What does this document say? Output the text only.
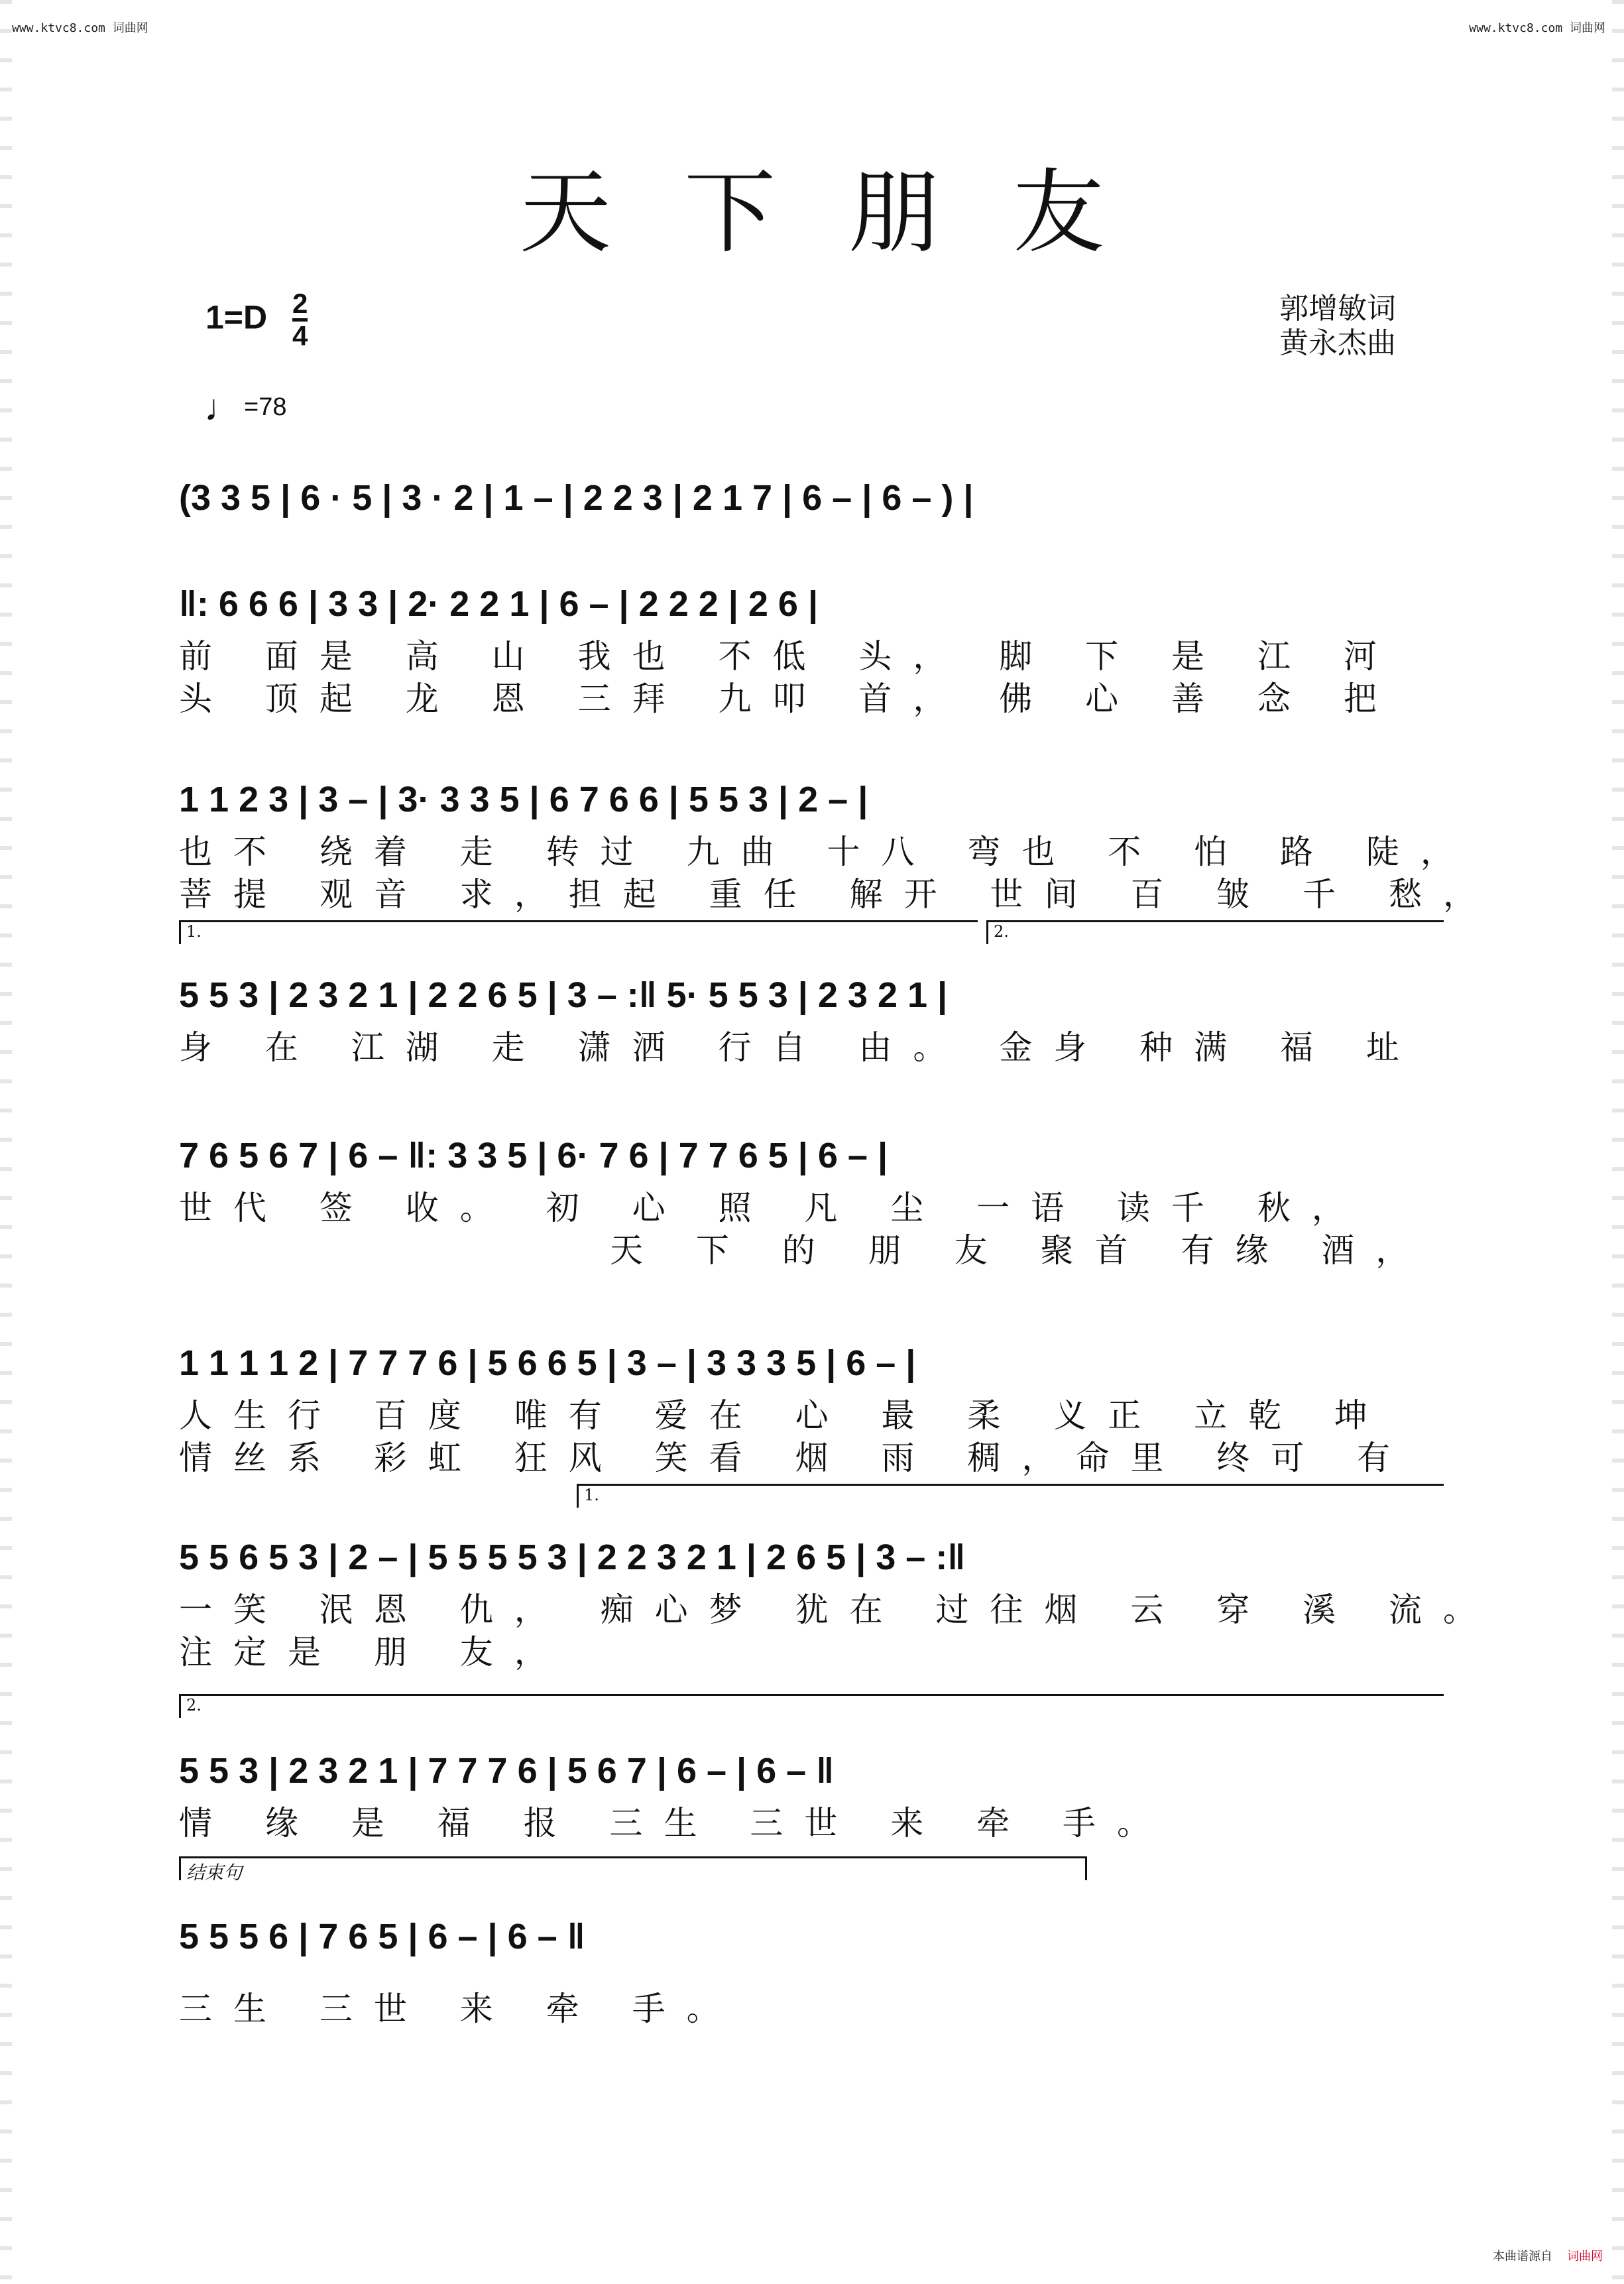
www.ktvc8.com 词曲网	www.ktvc8.com 词曲网
天下朋友
1=D 2
4
郭增敏词
黄永杰曲
♩ =78
(3 3 5 | 6 · 5 | 3 · 2 | 1 – | 2 2 3 | 2 1 7 | 6 – | 6 – ) |
‖: 6 6 6 | 3 3 | 2· 2 2 1 | 6 – | 2 2 2 | 2 6 |
前 面是 高 山 我也 不低 头， 脚 下 是 江 河
头 顶起 龙 恩 三拜 九叩 首， 佛 心 善 念 把
1 1 2 3 | 3 – | 3· 3 3 5 | 6 7 6 6 | 5 5 3 | 2 – |
也不 绕着 走 转过 九曲 十八 弯也 不 怕 路 陡，
菩提 观音 求，担起 重任 解开 世间 百 皱 千 愁，
1.	2.
5 5 3 | 2 3 2 1 | 2 2 6 5 | 3 – :‖ 5· 5 5 3 | 2 3 2 1 |
身 在 江湖 走 潇洒 行自 由。 金身 种满 福 址
7 6 5 6 7 | 6 – ‖: 3 3 5 | 6· 7 6 | 7 7 6 5 | 6 – |
世代 签 收。 初 心 照 凡 尘 一语 读千 秋，
天 下 的 朋 友 聚首 有缘 酒，
1 1 1 1 2 | 7 7 7 6 | 5 6 6 5 | 3 – | 3 3 3 5 | 6 – |
人生行 百度 唯有 爱在 心 最 柔 义正 立乾 坤
情丝系 彩虹 狂风 笑看 烟 雨 稠，命里 终可 有
1.
5 5 6 5 3 | 2 – | 5 5 5 5 3 | 2 2 3 2 1 | 2 6 5 | 3 – :‖
一笑 泯恩 仇， 痴心梦 犹在 过往烟 云 穿 溪 流。
注定是 朋 友，
2.
5 5 3 | 2 3 2 1 | 7 7 7 6 | 5 6 7 | 6 – | 6 – ‖
情 缘 是 福 报 三生 三世 来 牵 手。
结束句
5 5 5 6 | 7 6 5 | 6 – | 6 – ‖
三生 三世 来 牵 手。
本曲谱源自 词曲网
